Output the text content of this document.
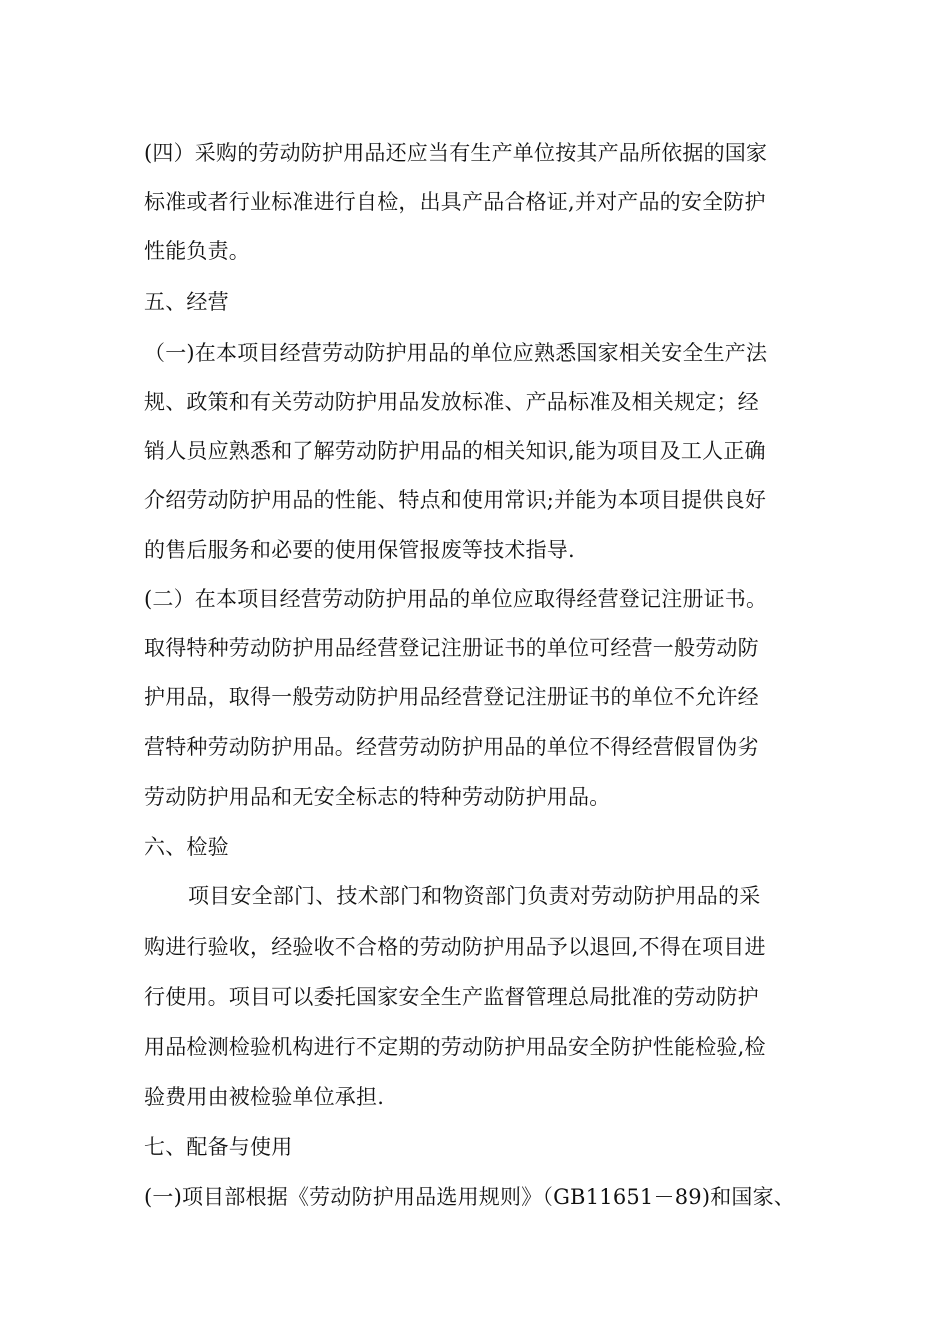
(四）采购的劳动防护用品还应当有生产单位按其产品所依据的国家
标准或者行业标准进行自检，出具产品合格证,并对产品的安全防护
性能负责。
五、经营
（一)在本项目经营劳动防护用品的单位应熟悉国家相关安全生产法
规、政策和有关劳动防护用品发放标准、产品标准及相关规定；经
销人员应熟悉和了解劳动防护用品的相关知识,能为项目及工人正确
介绍劳动防护用品的性能、特点和使用常识;并能为本项目提供良好
的售后服务和必要的使用保管报废等技术指导.
(二）在本项目经营劳动防护用品的单位应取得经营登记注册证书。
取得特种劳动防护用品经营登记注册证书的单位可经营一般劳动防
护用品，取得一般劳动防护用品经营登记注册证书的单位不允许经
营特种劳动防护用品。经营劳动防护用品的单位不得经营假冒伪劣
劳动防护用品和无安全标志的特种劳动防护用品。
六、检验
项目安全部门、技术部门和物资部门负责对劳动防护用品的采
购进行验收，经验收不合格的劳动防护用品予以退回,不得在项目进
行使用。项目可以委托国家安全生产监督管理总局批准的劳动防护
用品检测检验机构进行不定期的劳动防护用品安全防护性能检验,检
验费用由被检验单位承担.
七、配备与使用
(一)项目部根据《劳动防护用品选用规则》（GB11651－89)和国家、
